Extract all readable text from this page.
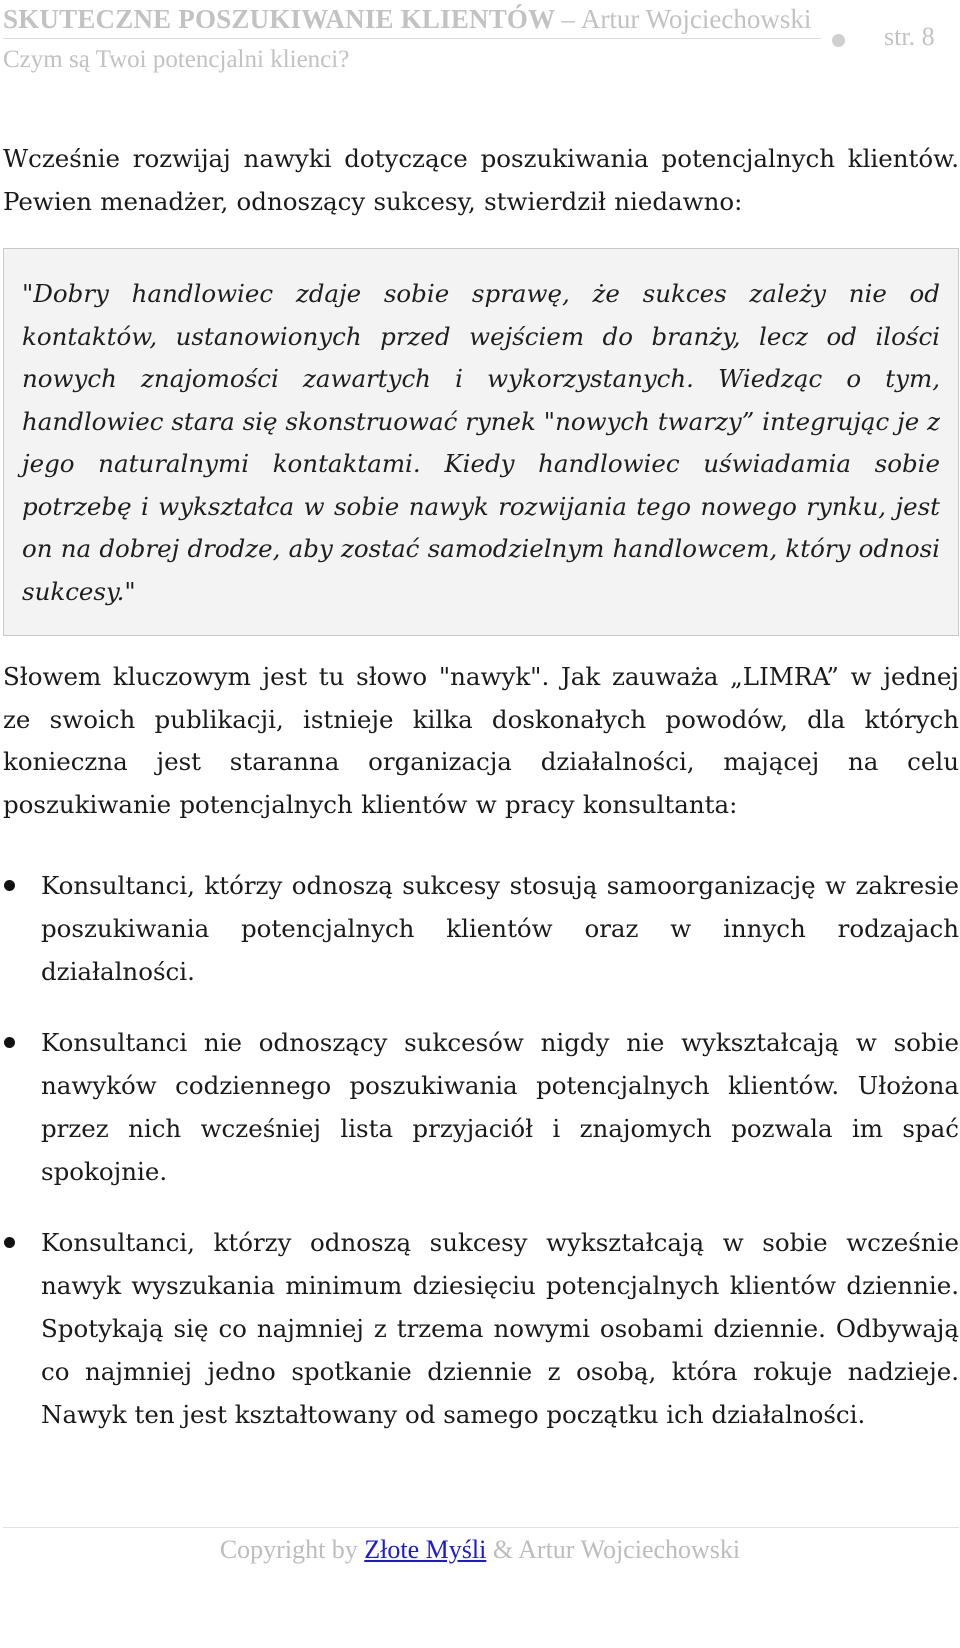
SKUTECZNE POSZUKIWANIE KLIENTÓW – Artur Wojciechowski
Czym są Twoi potencjalni klienci?
str. 8

Wcześnie rozwijaj nawyki dotyczące poszukiwania potencjalnych klientów. Pewien menadżer, odnoszący sukcesy, stwierdził niedawno:

"Dobry handlowiec zdaje sobie sprawę, że sukces zależy nie od kontaktów, ustanowionych przed wejściem do branży, lecz od ilości nowych znajomości zawartych i wykorzystanych. Wiedząc o tym, handlowiec stara się skonstruować rynek "nowych twarzy” integrując je z jego naturalnymi kontaktami. Kiedy handlowiec uświadamia sobie potrzebę i wykształca w sobie nawyk rozwijania tego nowego rynku, jest on na dobrej drodze, aby zostać samodzielnym handlowcem, który odnosi sukcesy."

Słowem kluczowym jest tu słowo "nawyk". Jak zauważa „LIMRA” w jednej ze swoich publikacji, istnieje kilka doskonałych powodów, dla których konieczna jest staranna organizacja działalności, mającej na celu poszukiwanie potencjalnych klientów w pracy konsultanta:

Konsultanci, którzy odnoszą sukcesy stosują samoorganizację w zakresie poszukiwania potencjalnych klientów oraz w innych rodzajach działalności.
Konsultanci nie odnoszący sukcesów nigdy nie wykształcają w sobie nawyków codziennego poszukiwania potencjalnych klientów. Ułożona przez nich wcześniej lista przyjaciół i znajomych pozwala im spać spokojnie.
Konsultanci, którzy odnoszą sukcesy wykształcają w sobie wcześnie nawyk wyszukania minimum dziesięciu potencjalnych klientów dziennie. Spotykają się co najmniej z trzema nowymi osobami dziennie. Odbywają co najmniej jedno spotkanie dziennie z osobą, która rokuje nadzieje. Nawyk ten jest kształtowany od samego początku ich działalności.
Copyright by Złote Myśli & Artur Wojciechowski
